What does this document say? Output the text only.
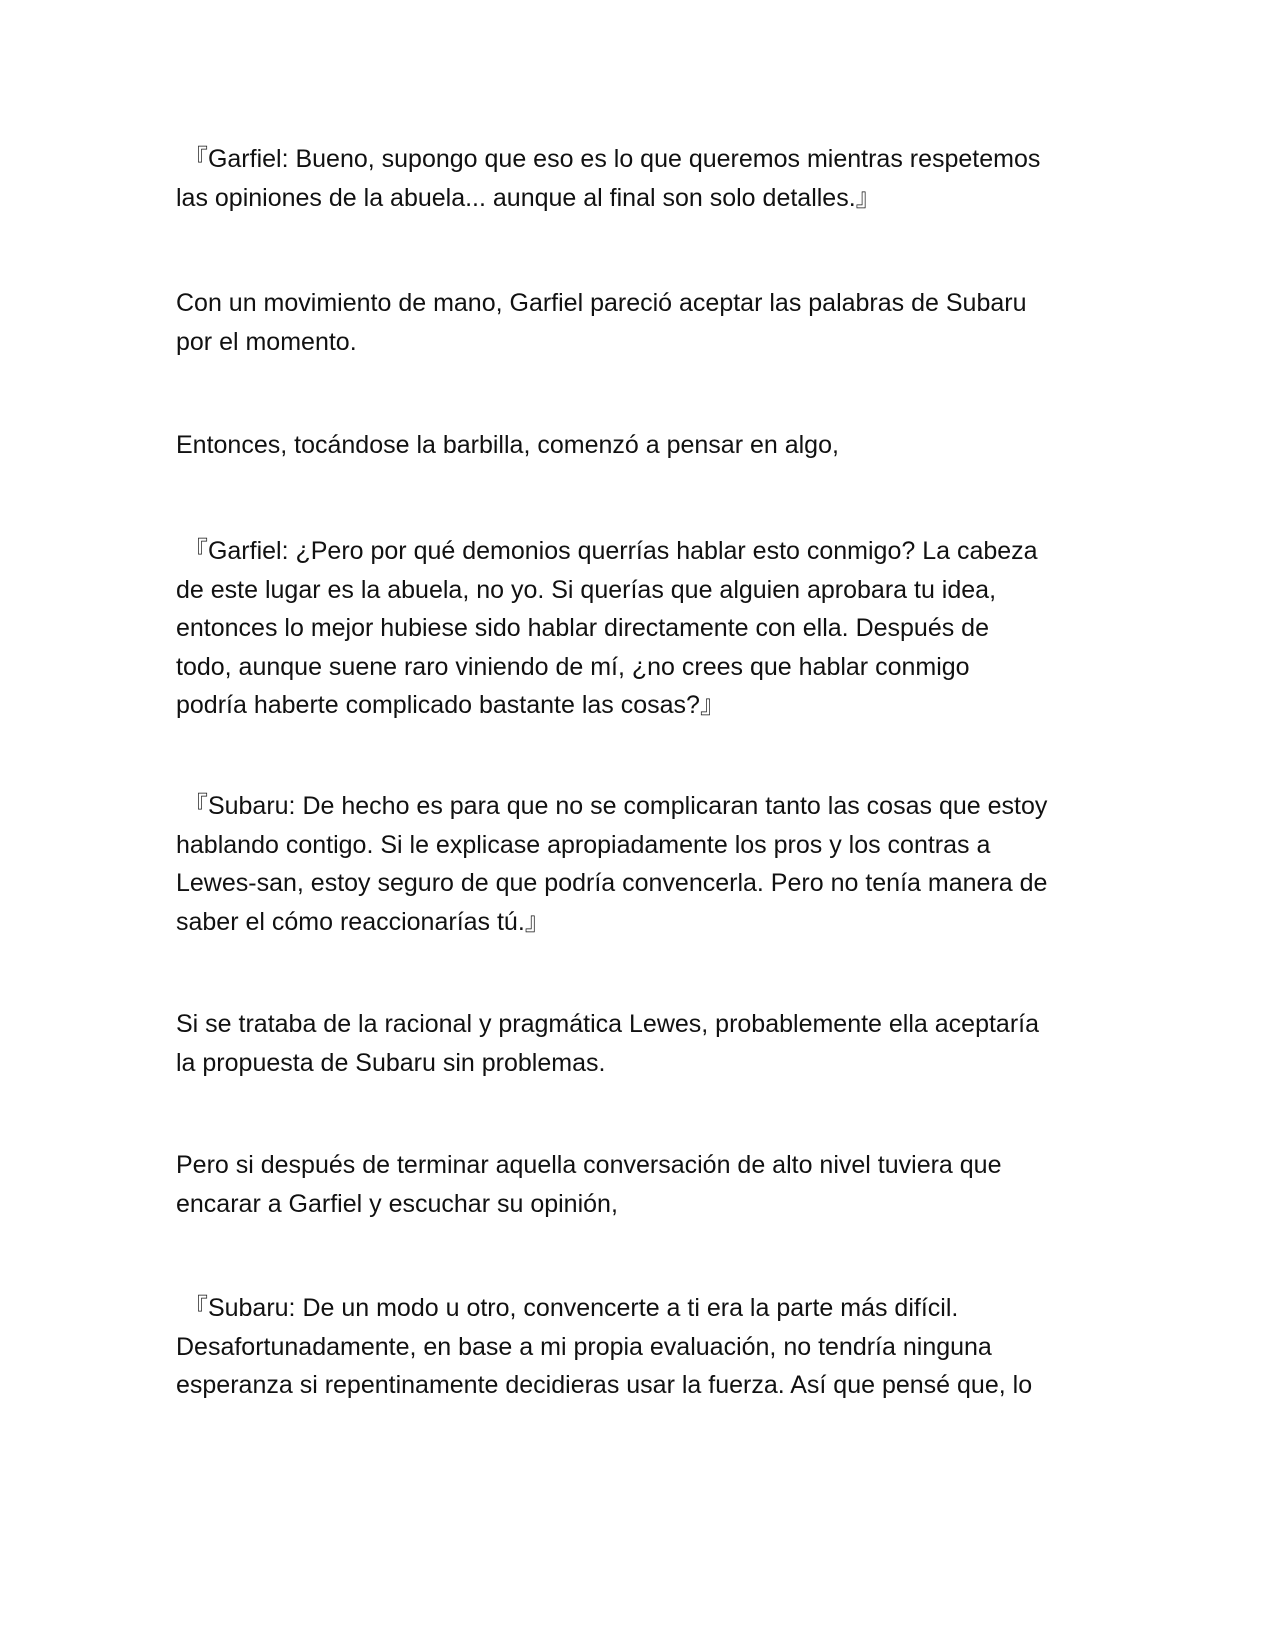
『Garfiel: Bueno, supongo que eso es lo que queremos mientras respetemos
las opiniones de la abuela... aunque al final son solo detalles.』
Con un movimiento de mano, Garfiel pareció aceptar las palabras de Subaru
por el momento.
Entonces, tocándose la barbilla, comenzó a pensar en algo,
『Garfiel: ¿Pero por qué demonios querrías hablar esto conmigo? La cabeza
de este lugar es la abuela, no yo. Si querías que alguien aprobara tu idea,
entonces lo mejor hubiese sido hablar directamente con ella. Después de
todo, aunque suene raro viniendo de mí, ¿no crees que hablar conmigo
podría haberte complicado bastante las cosas?』
『Subaru: De hecho es para que no se complicaran tanto las cosas que estoy
hablando contigo. Si le explicase apropiadamente los pros y los contras a
Lewes-san, estoy seguro de que podría convencerla. Pero no tenía manera de
saber el cómo reaccionarías tú.』
Si se trataba de la racional y pragmática Lewes, probablemente ella aceptaría
la propuesta de Subaru sin problemas.
Pero si después de terminar aquella conversación de alto nivel tuviera que
encarar a Garfiel y escuchar su opinión,
『Subaru: De un modo u otro, convencerte a ti era la parte más difícil.
Desafortunadamente, en base a mi propia evaluación, no tendría ninguna
esperanza si repentinamente decidieras usar la fuerza. Así que pensé que, lo
